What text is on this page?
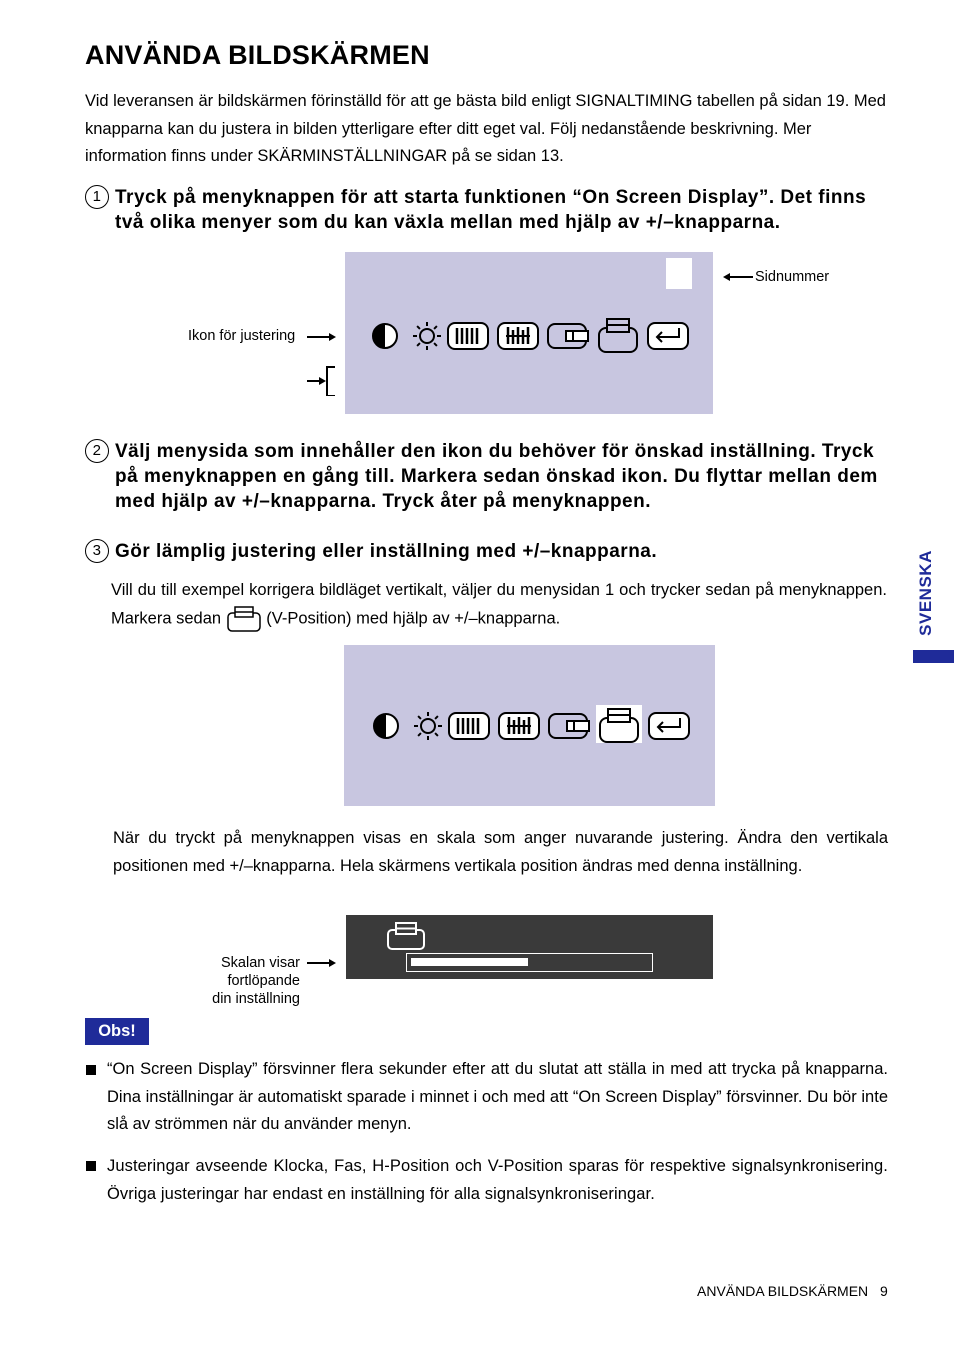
ANVÄNDA BILDSKÄRMEN

Vid leveransen är bildskärmen förinställd för att ge bästa bild enligt SIGNALTIMING tabellen på sidan 19. Med knapparna kan du justera in bilden ytterligare efter ditt eget val. Följ nedanstående beskrivning. Mer information finns under SKÄRMINSTÄLLNINGAR på se sidan 13.

1 Tryck på menyknappen för att starta funktionen “On Screen Display”. Det finns två olika menyer som du kan växla mellan med hjälp av +/–knapparna.
Sidnummer
Ikon för justering
2 Välj menysida som innehåller den ikon du behöver för önskad inställning. Tryck på menyknappen en gång till. Markera sedan önskad ikon. Du flyttar mellan dem med hjälp av +/–knapparna. Tryck åter på menyknappen.
3 Gör lämplig justering eller inställning med +/–knapparna.
Vill du till exempel korrigera bildläget vertikalt, väljer du menysidan 1 och trycker sedan på menyknappen. Markera sedan	(V-Position) med hjälp av +/–knapparna.
När du tryckt på menyknappen visas en skala som anger nuvarande justering. Ändra den vertikala positionen med +/–knapparna. Hela skärmens vertikala position ändras med denna inställning.
Skalan visar
fortlöpande
din inställning
Obs!
“On Screen Display” försvinner flera sekunder efter att du slutat att ställa in med att trycka på knapparna. Dina inställningar är automatiskt sparade i minnet i och med att “On Screen Display” försvinner. Du bör inte slå av strömmen när du använder menyn.
Justeringar avseende Klocka, Fas, H-Position och V-Position sparas för respektive signalsynkronisering. Övriga justeringar har endast en inställning för alla signalsynkroniseringar.
SVENSKA
ANVÄNDA BILDSKÄRMEN 9
